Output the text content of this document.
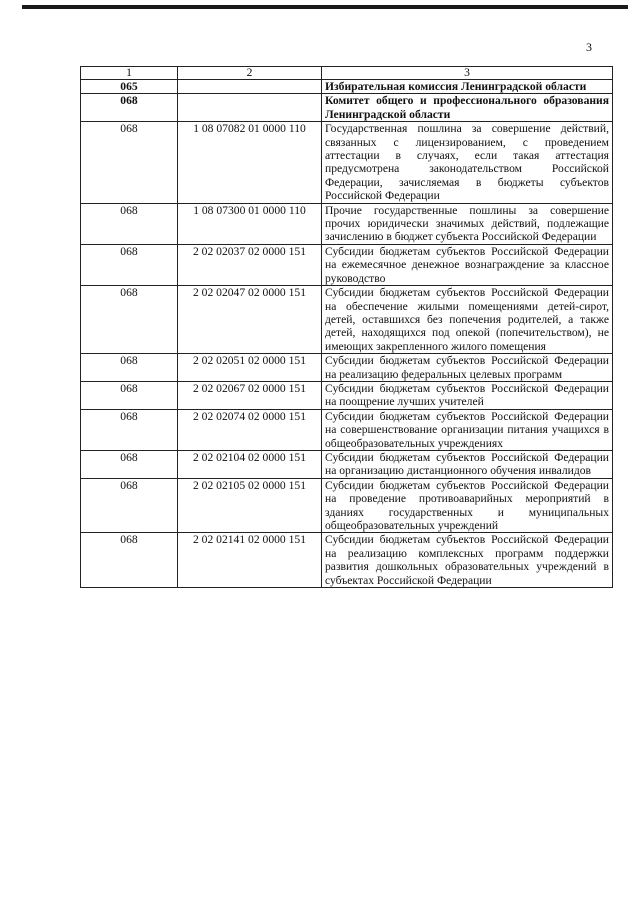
3
1	2	3
065		Избирательная комиссия Ленинградской области
068		Комитет общего и профессионального образования Ленинградской области
068	1 08 07082 01 0000 110	Государственная пошлина за совершение действий, связанных с лицензированием, с проведением аттестации в случаях, если такая аттестация предусмотрена законодательством Российской Федерации, зачисляемая в бюджеты субъектов Российской Федерации
068	1 08 07300 01 0000 110	Прочие государственные пошлины за совершение прочих юридически значимых действий, подлежащие зачислению в бюджет субъекта Российской Федерации
068	2 02 02037 02 0000 151	Субсидии бюджетам субъектов Российской Федерации на ежемесячное денежное вознаграждение за классное руководство
068	2 02 02047 02 0000 151	Субсидии бюджетам субъектов Российской Федерации на обеспечение жилыми помещениями детей-сирот, детей, оставшихся без попечения родителей, а также детей, находящихся под опекой (попечительством), не имеющих закрепленного жилого помещения
068	2 02 02051 02 0000 151	Субсидии бюджетам субъектов Российской Федерации на реализацию федеральных целевых программ
068	2 02 02067 02 0000 151	Субсидии бюджетам субъектов Российской Федерации на поощрение лучших учителей
068	2 02 02074 02 0000 151	Субсидии бюджетам субъектов Российской Федерации на совершенствование организации питания учащихся в общеобразовательных учреждениях
068	2 02 02104 02 0000 151	Субсидии бюджетам субъектов Российской Федерации на организацию дистанционного обучения инвалидов
068	2 02 02105 02 0000 151	Субсидии бюджетам субъектов Российской Федерации на проведение противоаварийных мероприятий в зданиях государственных и муниципальных общеобразовательных учреждений
068	2 02 02141 02 0000 151	Субсидии бюджетам субъектов Российской Федерации на реализацию комплексных программ поддержки развития дошкольных образовательных учреждений в субъектах Российской Федерации
